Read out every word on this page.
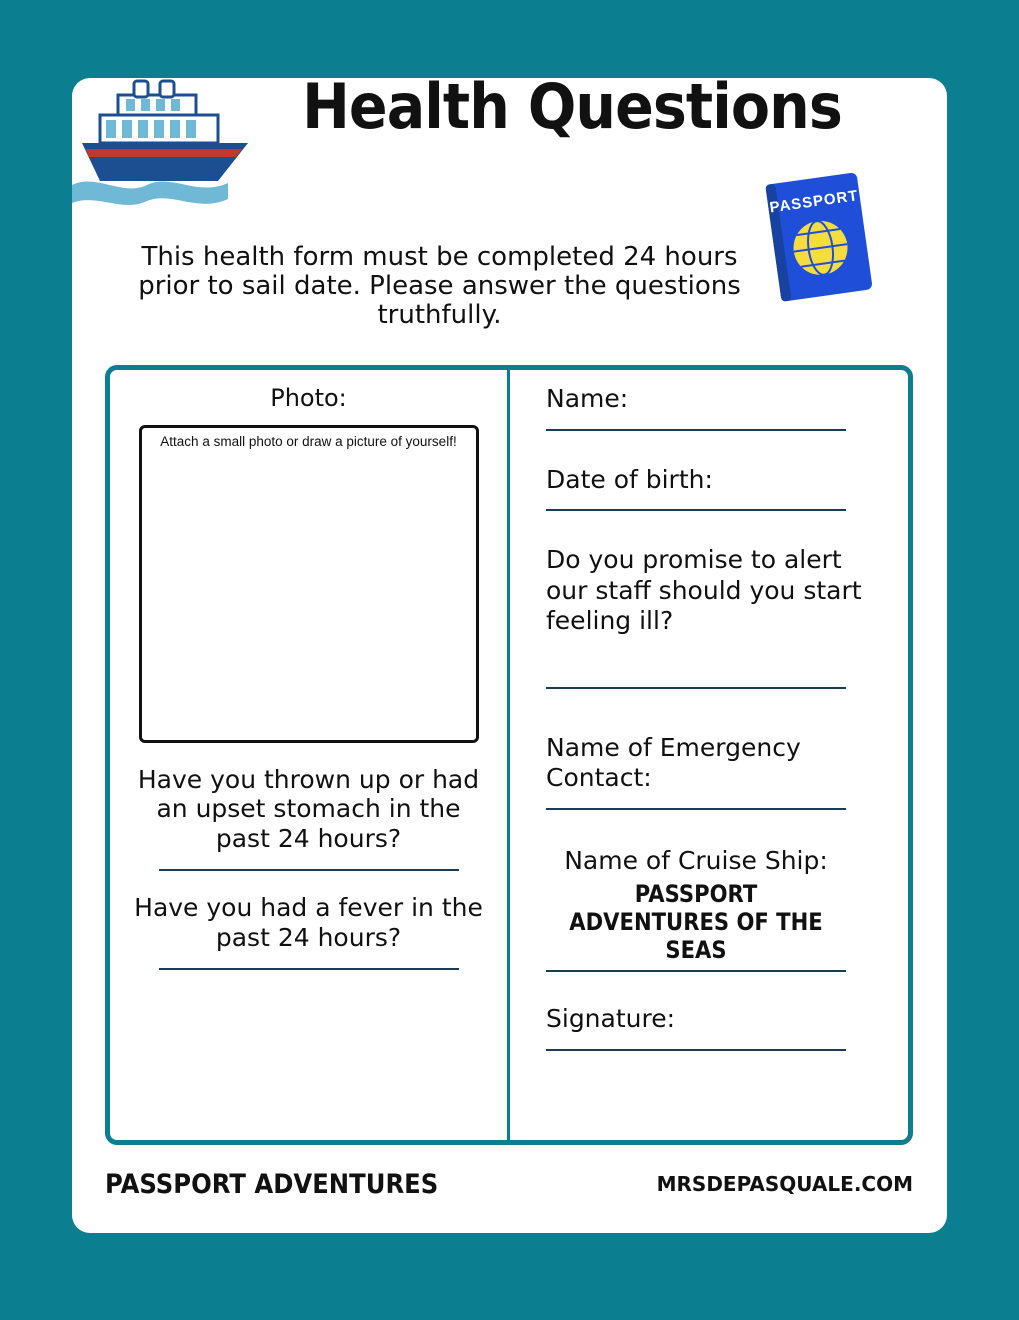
Health Questions
PASSPORT
This health form must be completed 24 hours prior to sail date. Please answer the questions truthfully.
Photo:
Attach a small photo or draw a picture of yourself!
Have you thrown up or had an upset stomach in the past 24 hours?
Have you had a fever in the past 24 hours?
Name:
Date of birth:
Do you promise to alert our staff should you start feeling ill?
Name of Emergency Contact:
Name of Cruise Ship:
PASSPORT ADVENTURES OF THE SEAS
Signature:
PASSPORT ADVENTURES	MRSDEPASQUALE.COM
